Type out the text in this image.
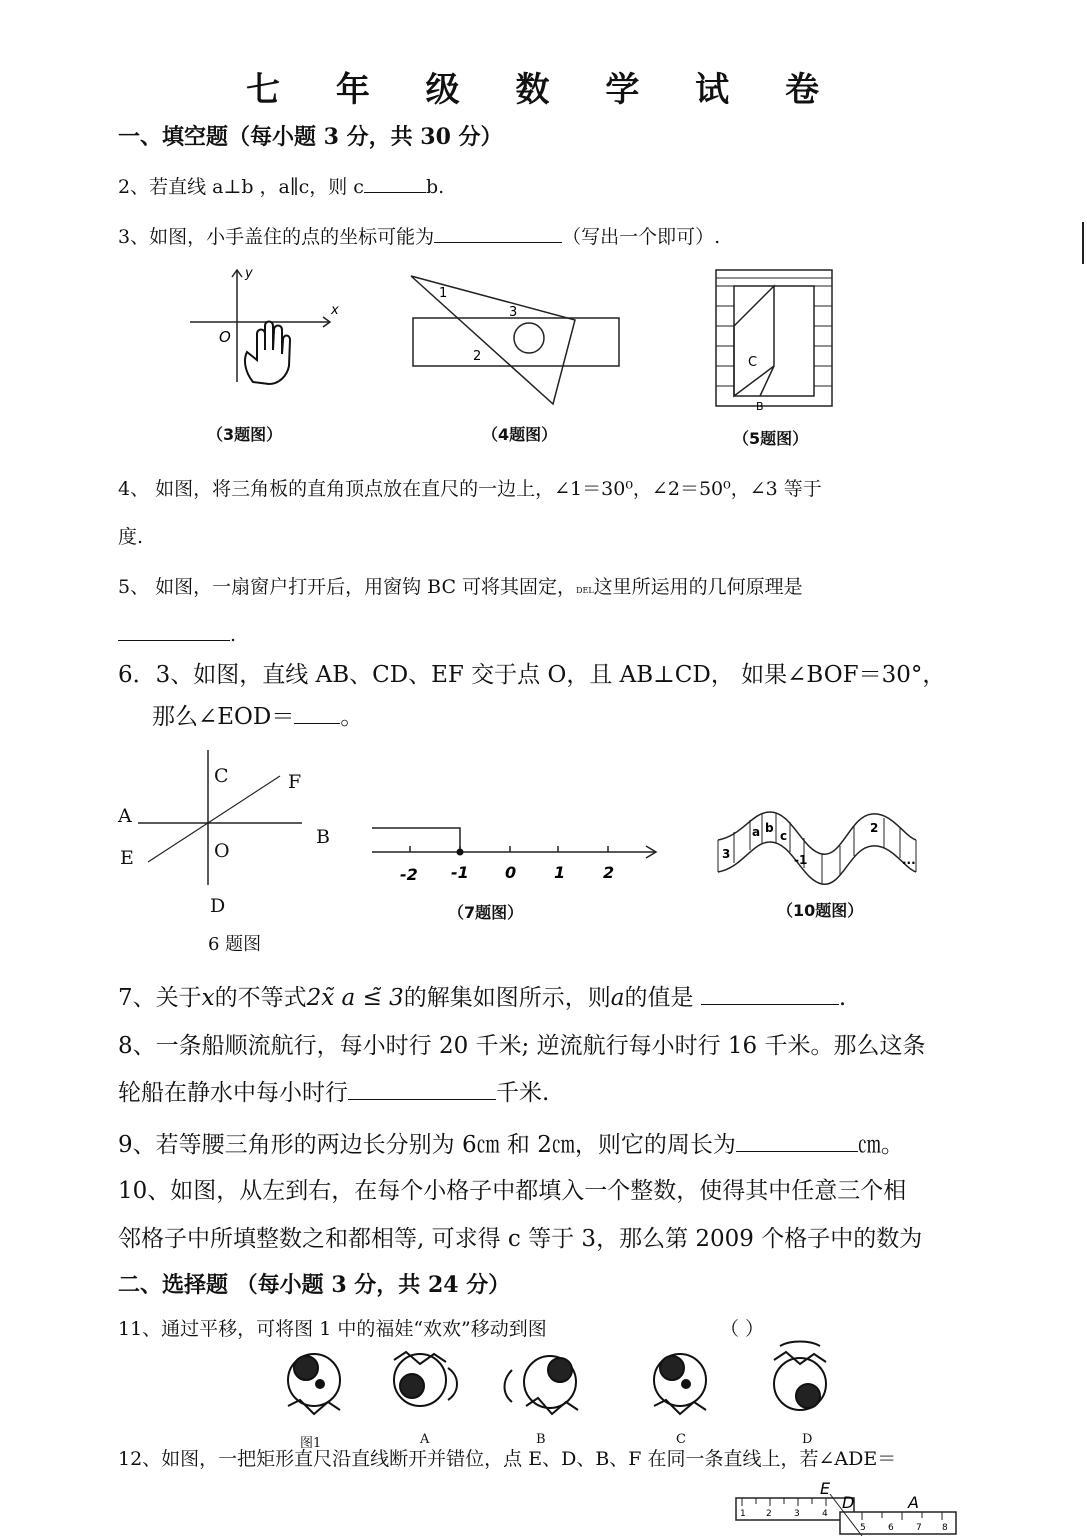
七 年 级 数 学 试 卷
一、填空题（每小题 3 分，共 30 分）
2、若直线 a⊥b ，a∥c，则 c	b.
3、如图，小手盖住的点的坐标可能为	（写出一个即可）.
x
y
O
（3题图）
1
3
2
（4题图）
C
B
（5题图）
4、 如图，将三角板的直角顶点放在直尺的一边上，∠1＝30⁰，∠2＝50⁰，∠3 等于
度.
5、 如图，一扇窗户打开后，用窗钩 BC 可将其固定，DEL这里所运用的几何原理是
.
6．3、如图，直线 AB、CD、EF 交于点 O，且 AB⊥CD， 如果∠BOF＝30°，
那么∠EOD＝ 。
C	F
A
B
O
E
D
6 题图
-2 -1 0 1 2
（7题图）
3
a b
c
-1
2
...
（10题图）
7、关于x的不等式2x̃ a ≤̃ 3的解集如图所示，则a的值是	.
8、一条船顺流航行，每小时行 20 千米; 逆流航行每小时行 16 千米。那么这条
轮船在静水中每小时行	千米.
9、若等腰三角形的两边长分别为 6㎝ 和 2㎝，则它的周长为	㎝。
10、如图，从左到右，在每个小格子中都填入一个整数，使得其中任意三个相
邻格子中所填整数之和都相等, 可求得 c 等于 3，那么第 2009 个格子中的数为
二、选择题 （每小题 3 分，共 24 分）
11、通过平移，可将图 1 中的福娃“欢欢”移动到图	（ ）
图1	A	B	C	D
12、如图，一把矩形直尺沿直线断开并错位，点 E、D、B、F 在同一条直线上，若∠ADE＝
E
D	A
1 2 3 4
5 6 7 8
